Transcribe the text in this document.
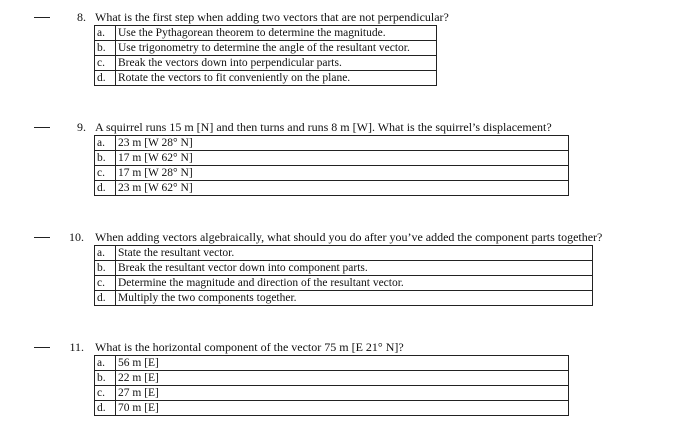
8. What is the first step when adding two vectors that are not perpendicular?
a.	Use the Pythagorean theorem to determine the magnitude.
b.	Use trigonometry to determine the angle of the resultant vector.
c.	Break the vectors down into perpendicular parts.
d.	Rotate the vectors to fit conveniently on the plane.
9. A squirrel runs 15 m [N] and then turns and runs 8 m [W]. What is the squirrel’s displacement?
a.	23 m [W 28° N]
b.	17 m [W 62° N]
c.	17 m [W 28° N]
d.	23 m [W 62° N]
10. When adding vectors algebraically, what should you do after you’ve added the component parts together?
a.	State the resultant vector.
b.	Break the resultant vector down into component parts.
c.	Determine the magnitude and direction of the resultant vector.
d.	Multiply the two components together.
11. What is the horizontal component of the vector 75 m [E 21° N]?
a.	56 m [E]
b.	22 m [E]
c.	27 m [E]
d.	70 m [E]
